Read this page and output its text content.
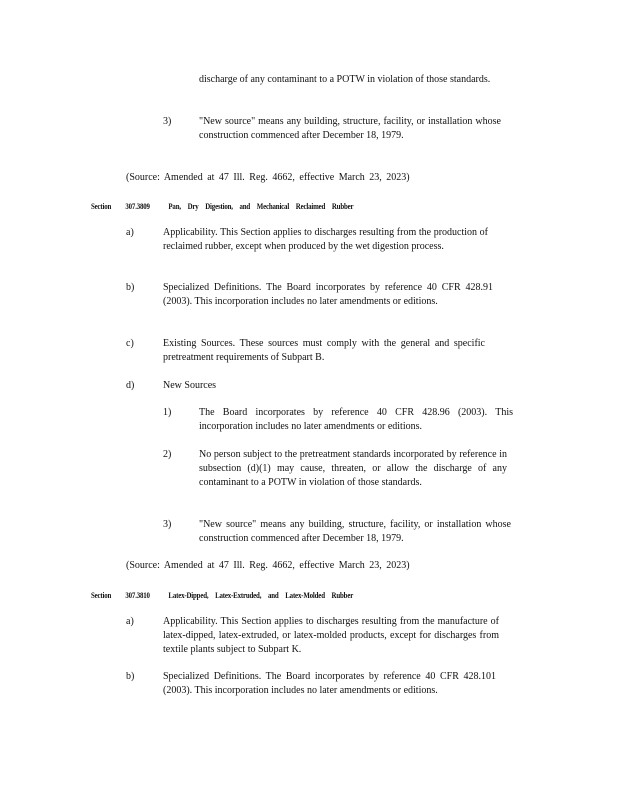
discharge of any contaminant to a POTW in violation of those standards.
3)	"New source" means any building, structure, facility, or installation whose construction commenced after December 18, 1979.
(Source: Amended at 47 Ill. Reg. 4662, effective March 23, 2023)
Section 307.3809 Pan, Dry Digestion, and Mechanical Reclaimed Rubber
a)	Applicability. This Section applies to discharges resulting from the production of reclaimed rubber, except when produced by the wet digestion process.
b)	Specialized Definitions. The Board incorporates by reference 40 CFR 428.91 (2003). This incorporation includes no later amendments or editions.
c)	Existing Sources. These sources must comply with the general and specific pretreatment requirements of Subpart B.
d)	New Sources
1)	The Board incorporates by reference 40 CFR 428.96 (2003). This incorporation includes no later amendments or editions.
2)	No person subject to the pretreatment standards incorporated by reference in subsection (d)(1) may cause, threaten, or allow the discharge of any contaminant to a POTW in violation of those standards.
3)	"New source" means any building, structure, facility, or installation whose construction commenced after December 18, 1979.
(Source: Amended at 47 Ill. Reg. 4662, effective March 23, 2023)
Section 307.3810 Latex-Dipped, Latex-Extruded, and Latex-Molded Rubber
a)	Applicability. This Section applies to discharges resulting from the manufacture of latex-dipped, latex-extruded, or latex-molded products, except for discharges from textile plants subject to Subpart K.
b)	Specialized Definitions. The Board incorporates by reference 40 CFR 428.101 (2003). This incorporation includes no later amendments or editions.
